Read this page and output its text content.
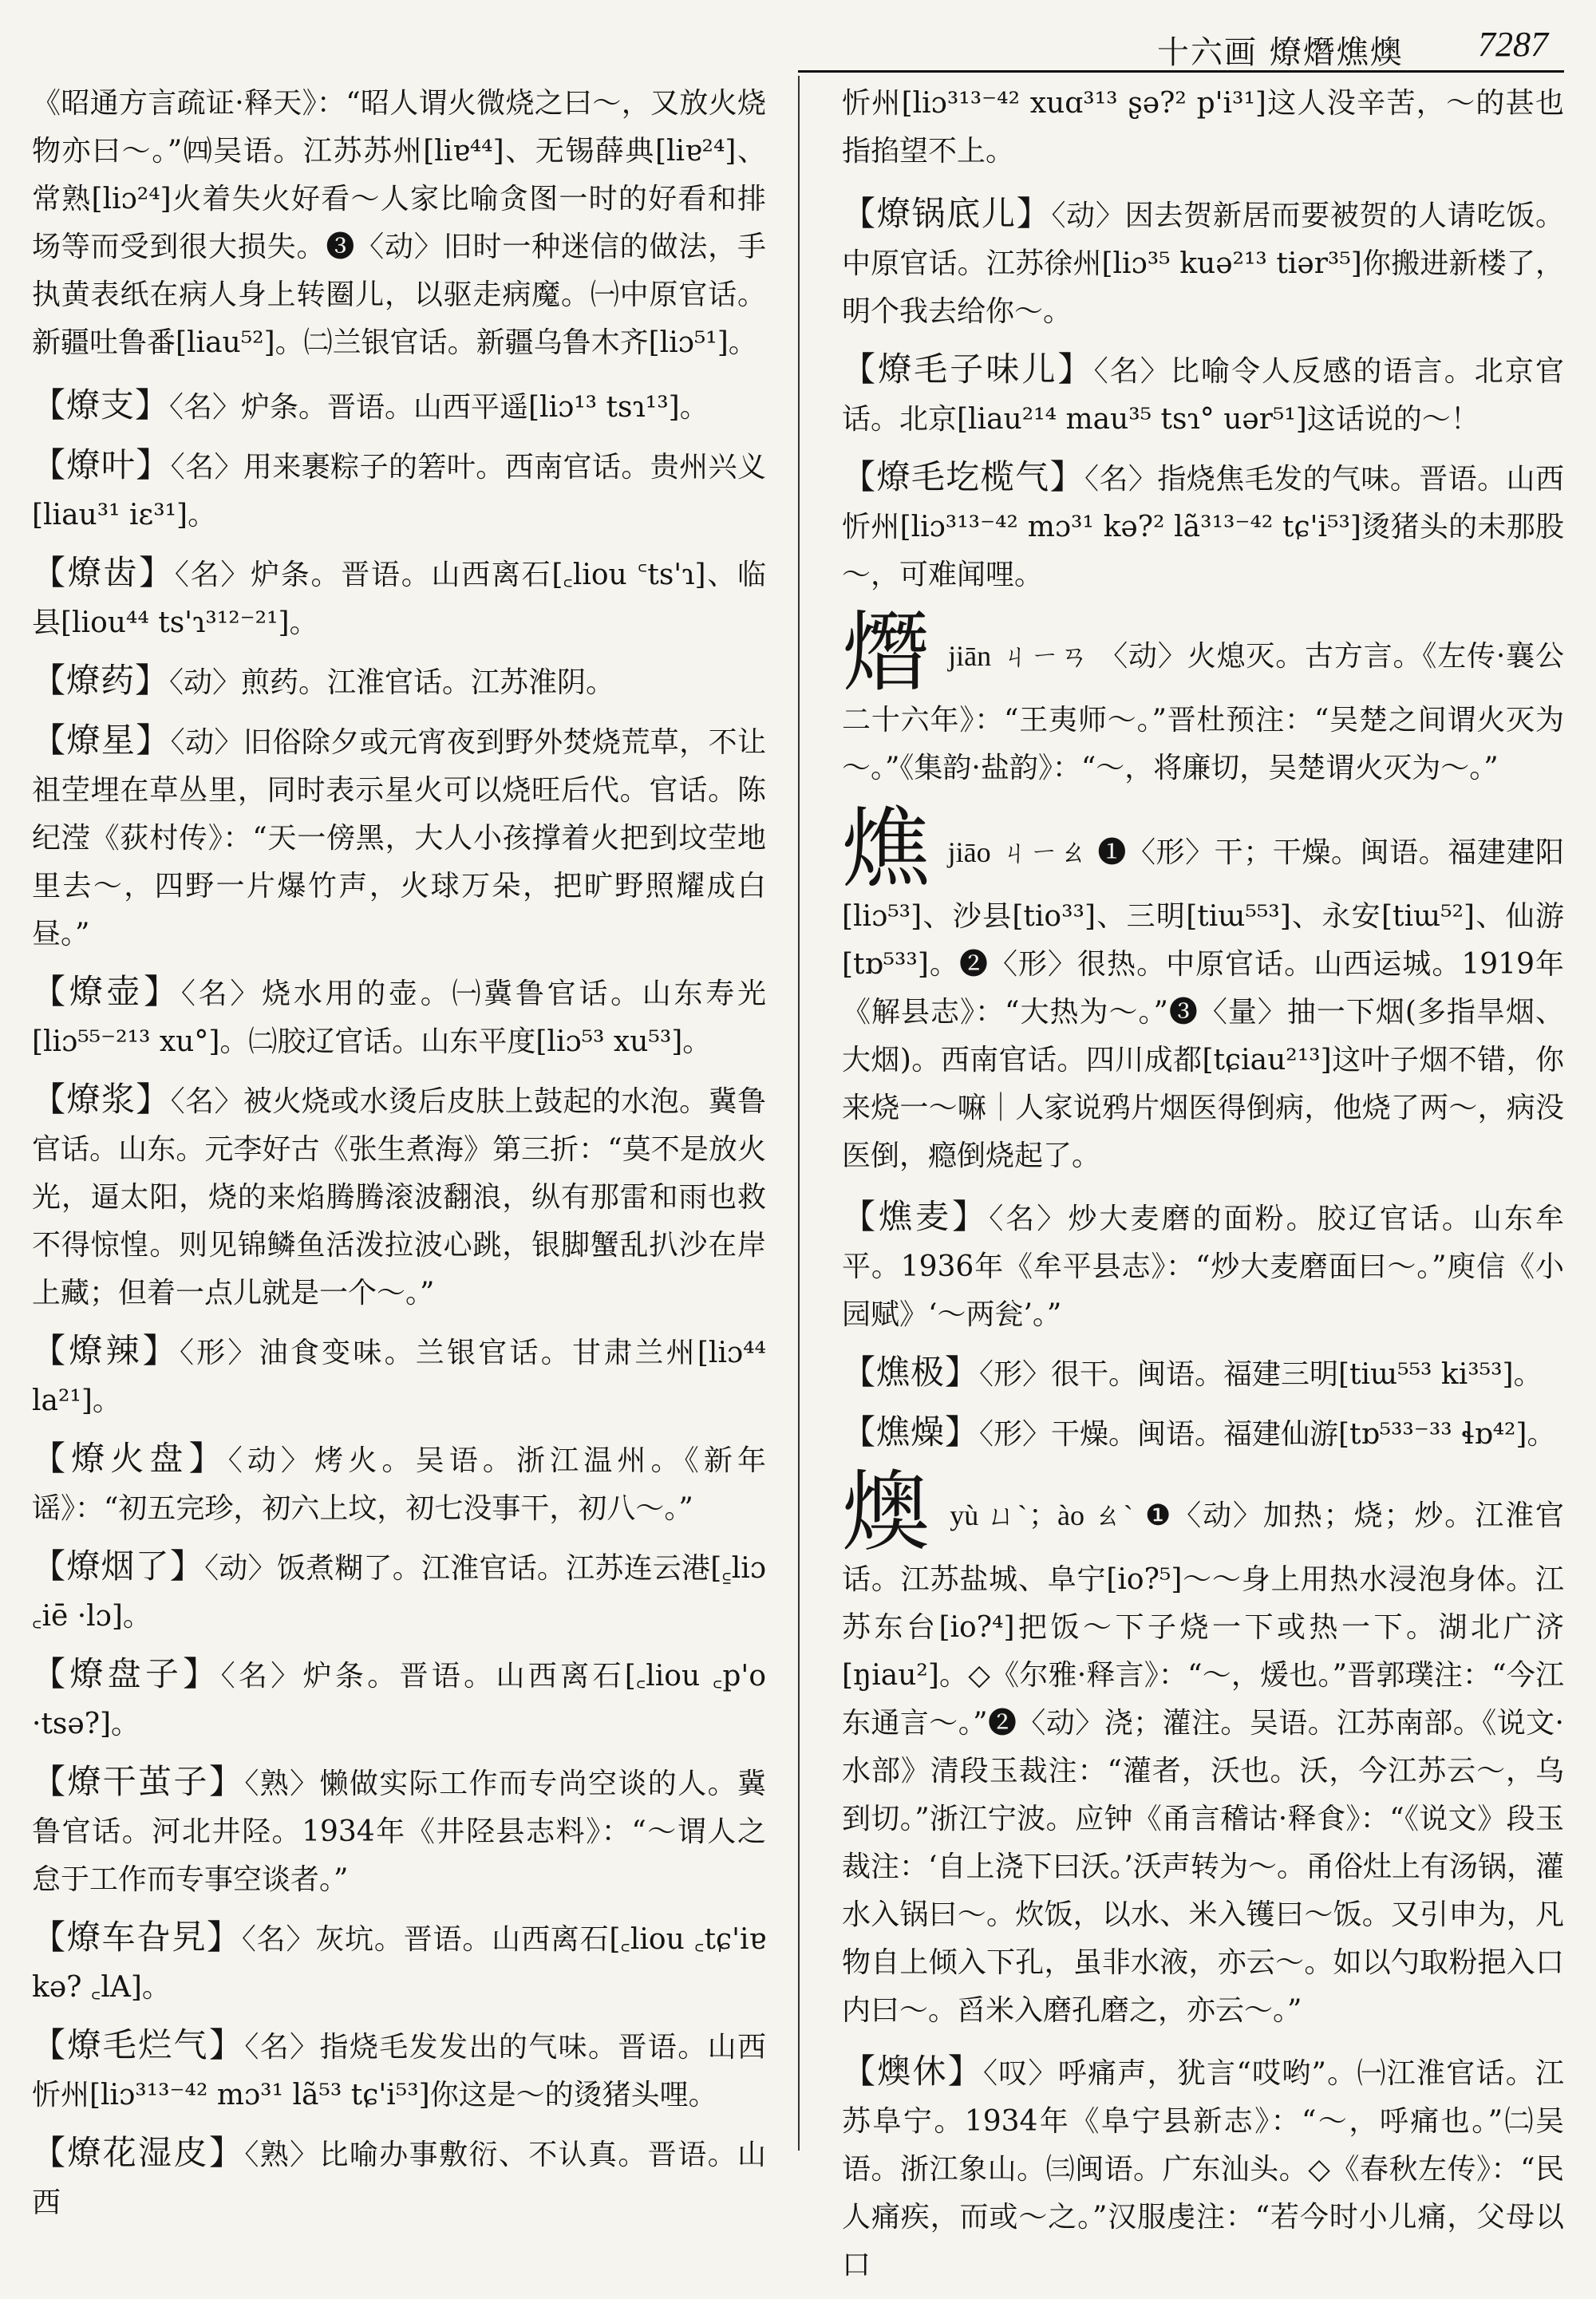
十六画 燎熸燋燠 7287
《昭通方言疏证·释天》：“昭人谓火微烧之曰～，又放火烧物亦曰～。”㈣吴语。江苏苏州[liɐ⁴⁴]、无锡薛典[liɐ²⁴]、常熟[liɔ²⁴]火着失火好看～人家比喻贪图一时的好看和排场等而受到很大损失。❸〈动〉旧时一种迷信的做法，手执黄表纸在病人身上转圈儿，以驱走病魔。㈠中原官话。新疆吐鲁番[liau⁵²]。㈡兰银官话。新疆乌鲁木齐[liɔ⁵¹]。
【燎支】〈名〉炉条。晋语。山西平遥[liɔ¹³ tsɿ¹³]。
【燎叶】〈名〉用来裹粽子的箬叶。西南官话。贵州兴义[liau³¹ iɛ³¹]。
【燎齿】〈名〉炉条。晋语。山西离石[꜀liou ꜂ts'ɿ]、临县[liou⁴⁴ ts'ɿ³¹²⁻²¹]。
【燎药】〈动〉煎药。江淮官话。江苏淮阴。
【燎星】〈动〉旧俗除夕或元宵夜到野外焚烧荒草，不让祖茔埋在草丛里，同时表示星火可以烧旺后代。官话。陈纪滢《荻村传》：“天一傍黑，大人小孩撑着火把到坟茔地里去～，四野一片爆竹声，火球万朵，把旷野照耀成白昼。”
【燎壶】〈名〉烧水用的壶。㈠冀鲁官话。山东寿光[liɔ⁵⁵⁻²¹³ xu°]。㈡胶辽官话。山东平度[liɔ⁵³ xu⁵³]。
【燎浆】〈名〉被火烧或水烫后皮肤上鼓起的水泡。冀鲁官话。山东。元李好古《张生煮海》第三折：“莫不是放火光，逼太阳，烧的来焰腾腾滚波翻浪，纵有那雷和雨也救不得惊惶。则见锦鳞鱼活泼拉波心跳，银脚蟹乱扒沙在岸上藏；但着一点儿就是一个～。”
【燎辣】〈形〉油食变味。兰银官话。甘肃兰州[liɔ⁴⁴ la²¹]。
【燎火盘】〈动〉烤火。吴语。浙江温州。《新年谣》：“初五完珍，初六上坟，初七没事干，初八～。”
【燎烟了】〈动〉饭煮糊了。江淮官话。江苏连云港[꜁liɔ ꜀iē ·lɔ]。
【燎盘子】〈名〉炉条。晋语。山西离石[꜀liou ꜀p'o ·tsə?]。
【燎干茧子】〈熟〉懒做实际工作而专尚空谈的人。冀鲁官话。河北井陉。1934年《井陉县志料》：“～谓人之怠于工作而专事空谈者。”
【燎车旮旯】〈名〉灰坑。晋语。山西离石[꜀liou ꜀tɕ'iɐ kə? ꜀lA]。
【燎毛烂气】〈名〉指烧毛发发出的气味。晋语。山西忻州[liɔ³¹³⁻⁴² mɔ³¹ lã⁵³ tɕ'i⁵³]你这是～的烫猪头哩。
【燎花湿皮】〈熟〉比喻办事敷衍、不认真。晋语。山西
忻州[liɔ³¹³⁻⁴² xuɑ³¹³ ʂə?² p'i³¹]这人没辛苦，～的甚也指掐望不上。
【燎锅底儿】〈动〉因去贺新居而要被贺的人请吃饭。中原官话。江苏徐州[liɔ³⁵ kuə²¹³ tiər³⁵]你搬进新楼了，明个我去给你～。
【燎毛子味儿】〈名〉比喻令人反感的语言。北京官话。北京[liau²¹⁴ mau³⁵ tsɿ° uər⁵¹]这话说的～！
【燎毛圪榄气】〈名〉指烧焦毛发的气味。晋语。山西忻州[liɔ³¹³⁻⁴² mɔ³¹ kə?² lã³¹³⁻⁴² tɕ'i⁵³]烫猪头的未那股～，可难闻哩。
熸 jiān ㄐㄧㄢ 〈动〉火熄灭。古方言。《左传·襄公二十六年》：“王夷师～。”晋杜预注：“吴楚之间谓火灭为～。”《集韵·盐韵》：“～，将廉切，吴楚谓火灭为～。”
燋 jiāo ㄐㄧㄠ ❶〈形〉干；干燥。闽语。福建建阳[liɔ⁵³]、沙县[tio³³]、三明[tiɯ⁵⁵³]、永安[tiɯ⁵²]、仙游[tɒ⁵³³]。❷〈形〉很热。中原官话。山西运城。1919年《解县志》：“大热为～。”❸〈量〉抽一下烟(多指旱烟、大烟)。西南官话。四川成都[tɕiau²¹³]这叶子烟不错，你来烧一～嘛｜人家说鸦片烟医得倒病，他烧了两～，病没医倒，瘾倒烧起了。
【燋麦】〈名〉炒大麦磨的面粉。胶辽官话。山东牟平。1936年《牟平县志》：“炒大麦磨面曰～。”庾信《小园赋》‘～两瓮’。”
【燋极】〈形〉很干。闽语。福建三明[tiɯ⁵⁵³ ki³⁵³]。
【燋燥】〈形〉干燥。闽语。福建仙游[tɒ⁵³³⁻³³ ɬɒ⁴²]。
燠 yù ㄩˋ；ào ㄠˋ ❶〈动〉加热；烧；炒。江淮官话。江苏盐城、阜宁[io?⁵]～～身上用热水浸泡身体。江苏东台[io?⁴]把饭～下子烧一下或热一下。湖北广济[ŋiau²]。◇《尔雅·释言》：“～，煖也。”晋郭璞注：“今江东通言～。”❷〈动〉浇；灌注。吴语。江苏南部。《说文·水部》清段玉裁注：“灌者，沃也。沃，今江苏云～，乌到切。”浙江宁波。应钟《甬言稽诂·释食》：“《说文》段玉裁注：‘自上浇下曰沃。’沃声转为～。甬俗灶上有汤锅，灌水入锅曰～。炊饭，以水、米入镬曰～饭。又引申为，凡物自上倾入下孔，虽非水液，亦云～。如以勺取粉挹入口内曰～。舀米入磨孔磨之，亦云～。”
【燠休】〈叹〉呼痛声，犹言“哎哟”。㈠江淮官话。江苏阜宁。1934年《阜宁县新志》：“～，呼痛也。”㈡吴语。浙江象山。㈢闽语。广东汕头。◇《春秋左传》：“民人痛疾，而或～之。”汉服虔注：“若今时小儿痛，父母以口
